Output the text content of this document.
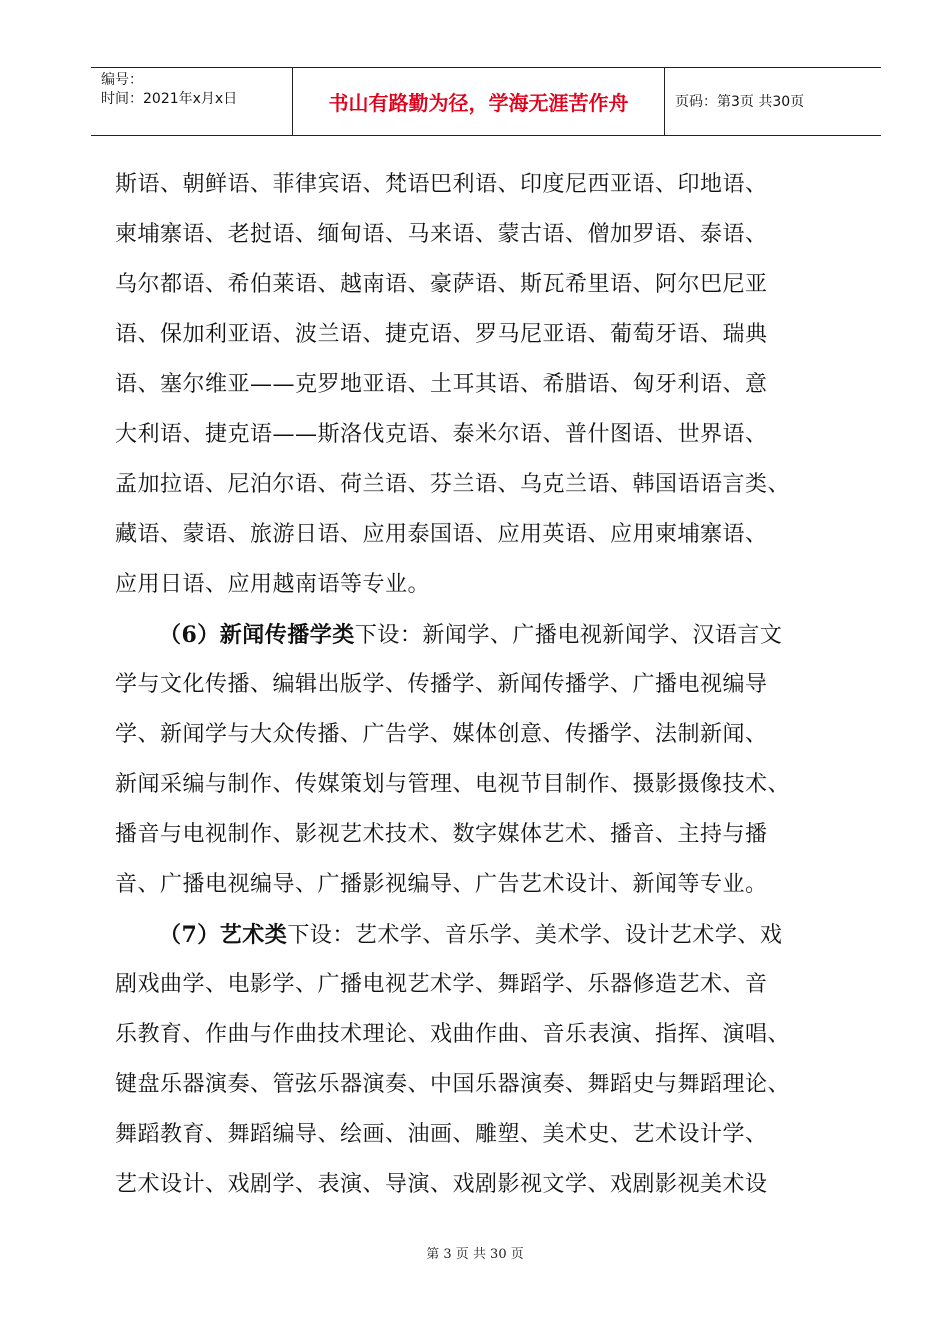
编号：
时间：2021年x月x日	书山有路勤为径，学海无涯苦作舟	页码：第3页 共30页
斯语、朝鲜语、菲律宾语、梵语巴利语、印度尼西亚语、印地语、
柬埔寨语、老挝语、缅甸语、马来语、蒙古语、僧加罗语、泰语、
乌尔都语、希伯莱语、越南语、豪萨语、斯瓦希里语、阿尔巴尼亚
语、保加利亚语、波兰语、捷克语、罗马尼亚语、葡萄牙语、瑞典
语、塞尔维亚——克罗地亚语、土耳其语、希腊语、匈牙利语、意
大利语、捷克语——斯洛伐克语、泰米尔语、普什图语、世界语、
孟加拉语、尼泊尔语、荷兰语、芬兰语、乌克兰语、韩国语语言类、
藏语、蒙语、旅游日语、应用泰国语、应用英语、应用柬埔寨语、
应用日语、应用越南语等专业。
（6）新闻传播学类下设：新闻学、广播电视新闻学、汉语言文
学与文化传播、编辑出版学、传播学、新闻传播学、广播电视编导
学、新闻学与大众传播、广告学、媒体创意、传播学、法制新闻、
新闻采编与制作、传媒策划与管理、电视节目制作、摄影摄像技术、
播音与电视制作、影视艺术技术、数字媒体艺术、播音、主持与播
音、广播电视编导、广播影视编导、广告艺术设计、新闻等专业。
（7）艺术类下设：艺术学、音乐学、美术学、设计艺术学、戏
剧戏曲学、电影学、广播电视艺术学、舞蹈学、乐器修造艺术、音
乐教育、作曲与作曲技术理论、戏曲作曲、音乐表演、指挥、演唱、
键盘乐器演奏、管弦乐器演奏、中国乐器演奏、舞蹈史与舞蹈理论、
舞蹈教育、舞蹈编导、绘画、油画、雕塑、美术史、艺术设计学、
艺术设计、戏剧学、表演、导演、戏剧影视文学、戏剧影视美术设
第 3 页 共 30 页
